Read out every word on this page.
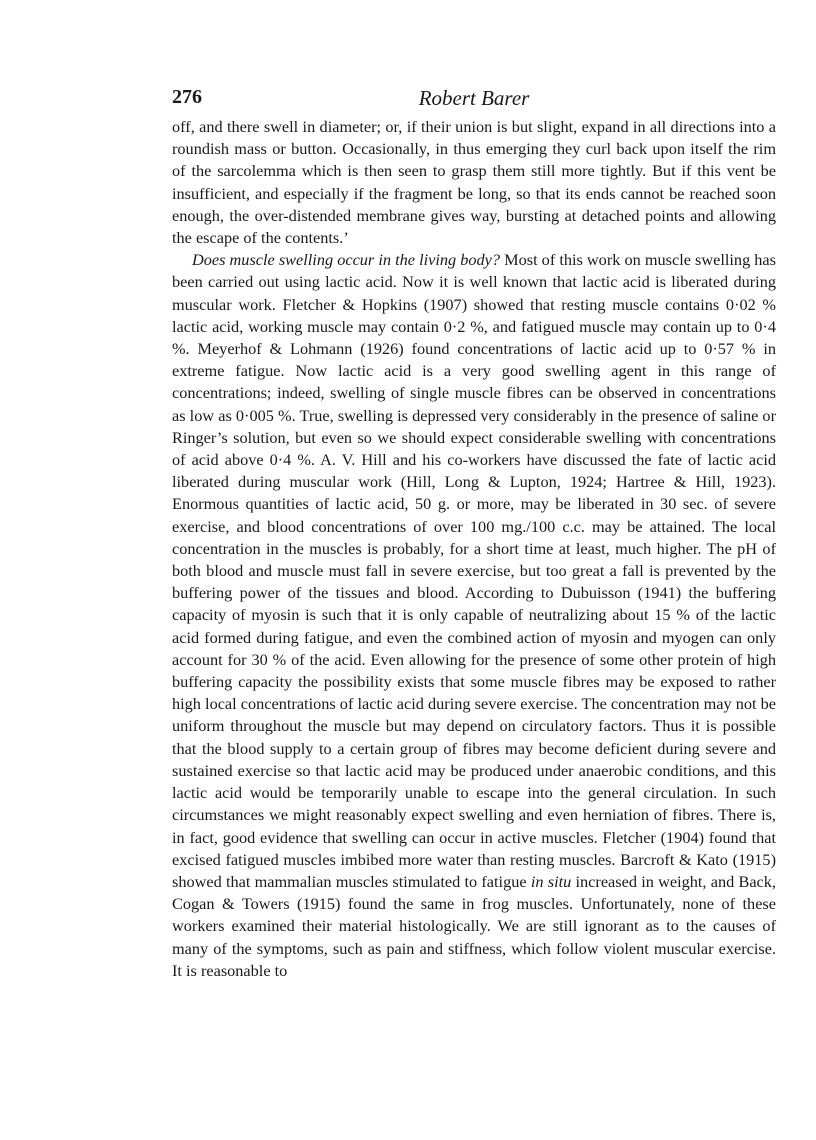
276	Robert Barer

off, and there swell in diameter; or, if their union is but slight, expand in all directions into a roundish mass or button. Occasionally, in thus emerging they curl back upon itself the rim of the sarcolemma which is then seen to grasp them still more tightly. But if this vent be insufficient, and especially if the fragment be long, so that its ends cannot be reached soon enough, the over-distended membrane gives way, bursting at detached points and allowing the escape of the contents.’

Does muscle swelling occur in the living body? Most of this work on muscle swelling has been carried out using lactic acid. Now it is well known that lactic acid is liberated during muscular work. Fletcher & Hopkins (1907) showed that resting muscle contains 0·02 % lactic acid, working muscle may contain 0·2 %, and fatigued muscle may contain up to 0·4 %. Meyerhof & Lohmann (1926) found concentrations of lactic acid up to 0·57 % in extreme fatigue. Now lactic acid is a very good swelling agent in this range of concentrations; indeed, swelling of single muscle fibres can be observed in concentrations as low as 0·005 %. True, swelling is depressed very considerably in the presence of saline or Ringer’s solution, but even so we should expect considerable swelling with concentrations of acid above 0·4 %. A. V. Hill and his co-workers have discussed the fate of lactic acid liberated during muscular work (Hill, Long & Lupton, 1924; Hartree & Hill, 1923). Enormous quantities of lactic acid, 50 g. or more, may be liberated in 30 sec. of severe exercise, and blood concentrations of over 100 mg./100 c.c. may be attained. The local concentration in the muscles is probably, for a short time at least, much higher. The pH of both blood and muscle must fall in severe exercise, but too great a fall is prevented by the buffering power of the tissues and blood. According to Dubuisson (1941) the buffering capacity of myosin is such that it is only capable of neutralizing about 15 % of the lactic acid formed during fatigue, and even the combined action of myosin and myogen can only account for 30 % of the acid. Even allowing for the presence of some other protein of high buffering capacity the possibility exists that some muscle fibres may be exposed to rather high local concentrations of lactic acid during severe exercise. The concentration may not be uniform throughout the muscle but may depend on circulatory factors. Thus it is possible that the blood supply to a certain group of fibres may become deficient during severe and sustained exercise so that lactic acid may be produced under anaerobic conditions, and this lactic acid would be temporarily unable to escape into the general circulation. In such circumstances we might reasonably expect swelling and even herniation of fibres. There is, in fact, good evidence that swelling can occur in active muscles. Fletcher (1904) found that excised fatigued muscles imbibed more water than resting muscles. Barcroft & Kato (1915) showed that mammalian muscles stimulated to fatigue in situ increased in weight, and Back, Cogan & Towers (1915) found the same in frog muscles. Unfortunately, none of these workers examined their material histologically. We are still ignorant as to the causes of many of the symptoms, such as pain and stiffness, which follow violent muscular exercise. It is reasonable to
